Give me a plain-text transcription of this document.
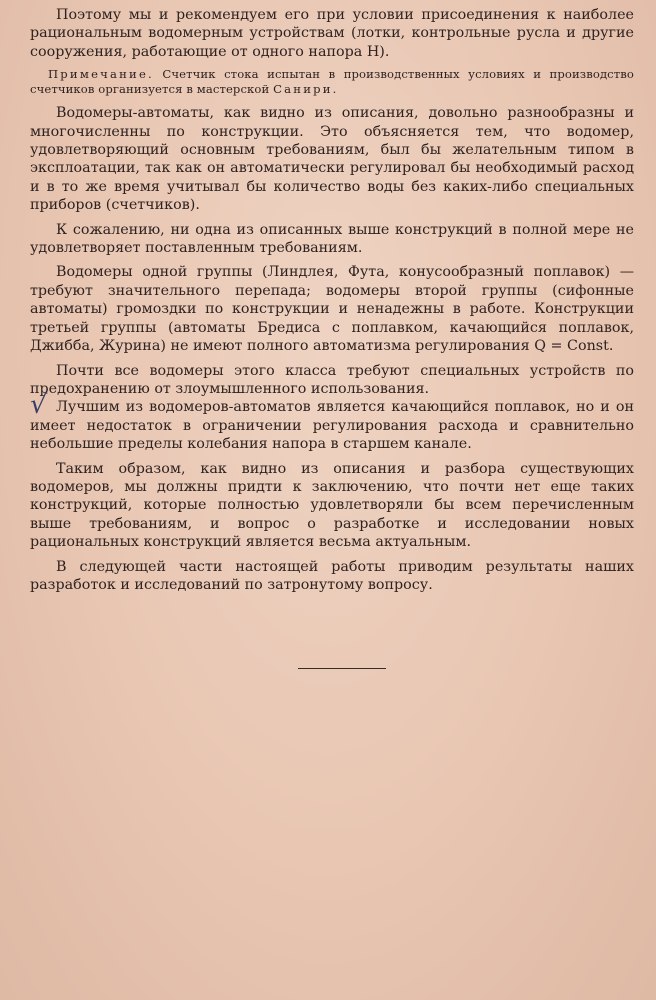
Поэтому мы и рекомендуем его при условии присоединения к наиболее рациональным водомерным устройствам (лотки, контрольные русла и другие сооружения, работающие от одного напора Н).

Примечание. Счетчик стока испытан в производственных условиях и производство счетчиков организуется в мастерской Санири.

Водомеры-автоматы, как видно из описания, довольно разнообразны и многочисленны по конструкции. Это объясняется тем, что водомер, удовлетворяющий основным требованиям, был бы желательным типом в эксплоатации, так как он автоматически регулировал бы необходимый расход и в то же время учитывал бы количество воды без каких-либо специальных приборов (счетчиков).

К сожалению, ни одна из описанных выше конструкций в полной мере не удовлетворяет поставленным требованиям.

Водомеры одной группы (Линдлея, Фута, конусообразный поплавок) — требуют значительного перепада; водомеры второй группы (сифонные автоматы) громоздки по конструкции и ненадежны в работе. Конструкции третьей группы (автоматы Бредиса с поплавком, качающийся поплавок, Джибба, Журина) не имеют полного автоматизма регулирования Q = Const.

Почти все водомеры этого класса требуют специальных устройств по предохранению от злоумышленного использования.

Лучшим из водомеров-автоматов является качающийся поплавок, но и он имеет недостаток в ограничении регулирования расхода и сравнительно небольшие пределы колебания напора в старшем канале.

Таким образом, как видно из описания и разбора существующих водомеров, мы должны придти к заключению, что почти нет еще таких конструкций, которые полностью удовлетворяли бы всем перечисленным выше требованиям, и вопрос о разработке и исследовании новых рациональных конструкций является весьма актуальным.

В следующей части настоящей работы приводим результаты наших разработок и исследований по затронутому вопросу.

√
